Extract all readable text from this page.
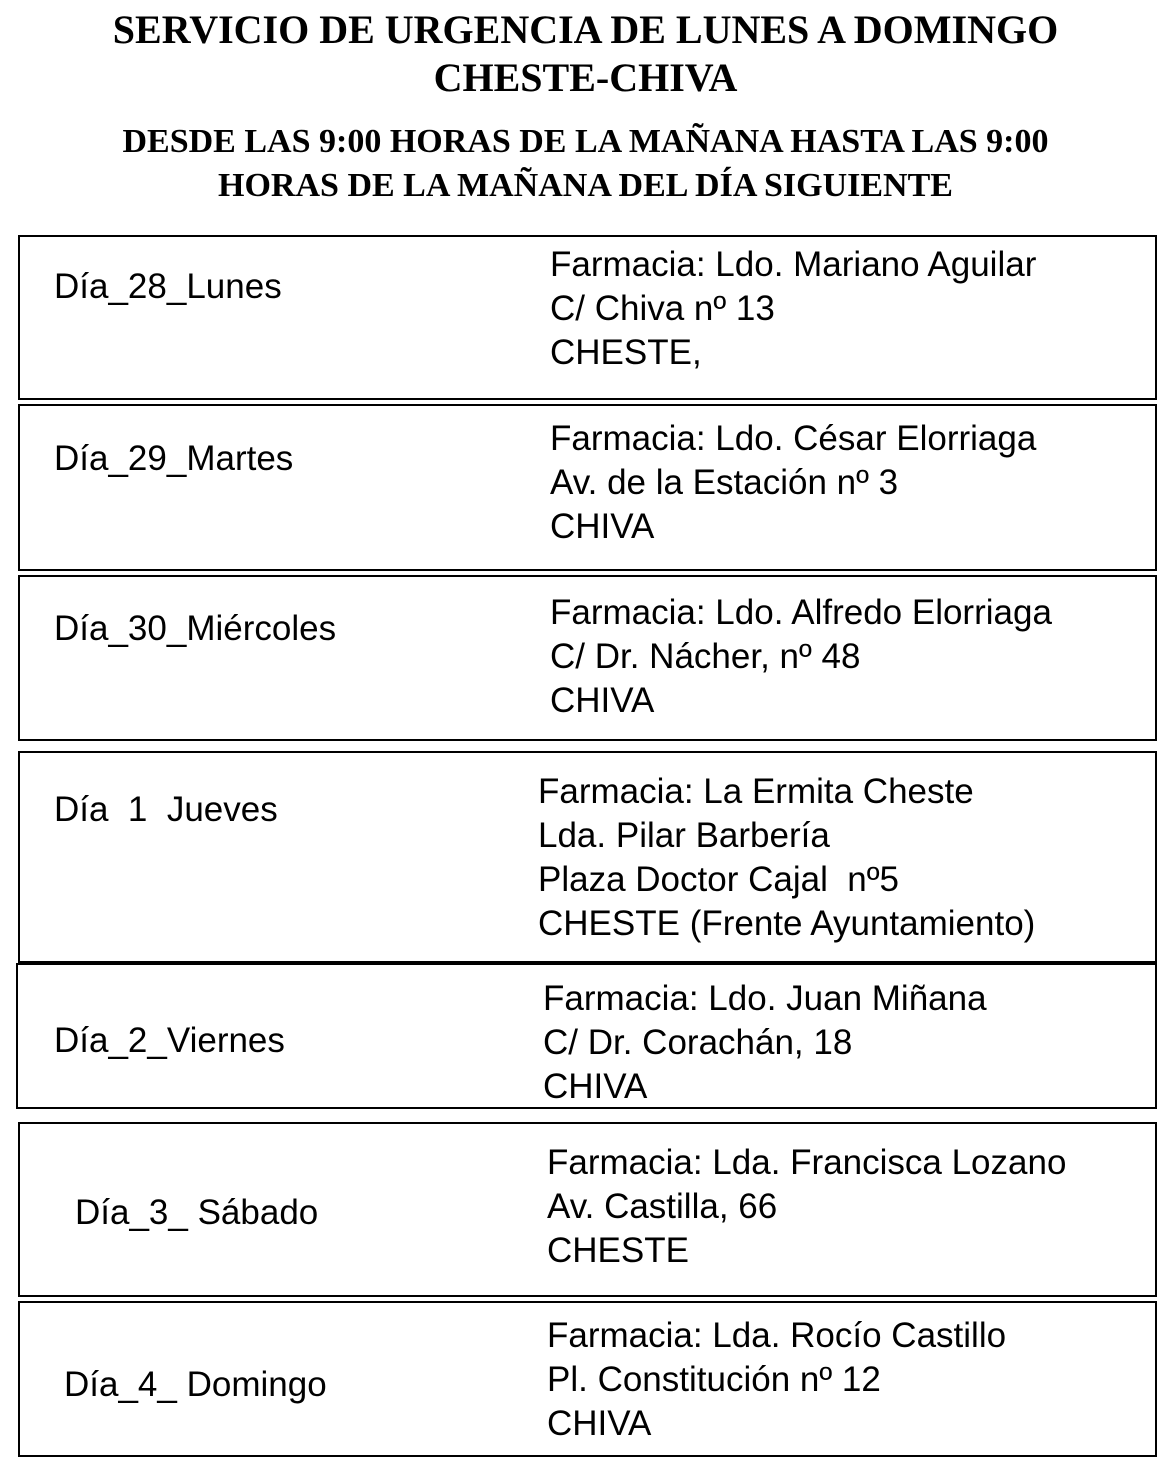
SERVICIO DE URGENCIA DE LUNES A DOMINGO
CHESTE-CHIVA
DESDE LAS 9:00 HORAS DE LA MAÑANA HASTA LAS 9:00
HORAS DE LA MAÑANA DEL DÍA SIGUIENTE

Día_28_Lunes

Farmacia: Ldo. Mariano Aguilar
C/ Chiva nº 13
CHESTE,

Día_29_Martes

Farmacia: Ldo. César Elorriaga
Av. de la Estación nº 3
CHIVA

Día_30_Miércoles	Farmacia: Ldo. Alfredo Elorriaga
C/ Dr. Nácher, nº 48
CHIVA

Día  1  Jueves	Farmacia: La Ermita Cheste
Lda. Pilar Barbería
Plaza Doctor Cajal  nº5
CHESTE (Frente Ayuntamiento)

Día_2_Viernes

Farmacia: Ldo. Juan Miñana
C/ Dr. Corachán, 18
CHIVA

Día_3_ Sábado

Farmacia: Lda. Francisca Lozano
Av. Castilla, 66
CHESTE

Día_4_ Domingo

Farmacia: Lda. Rocío Castillo
Pl. Constitución nº 12
CHIVA
